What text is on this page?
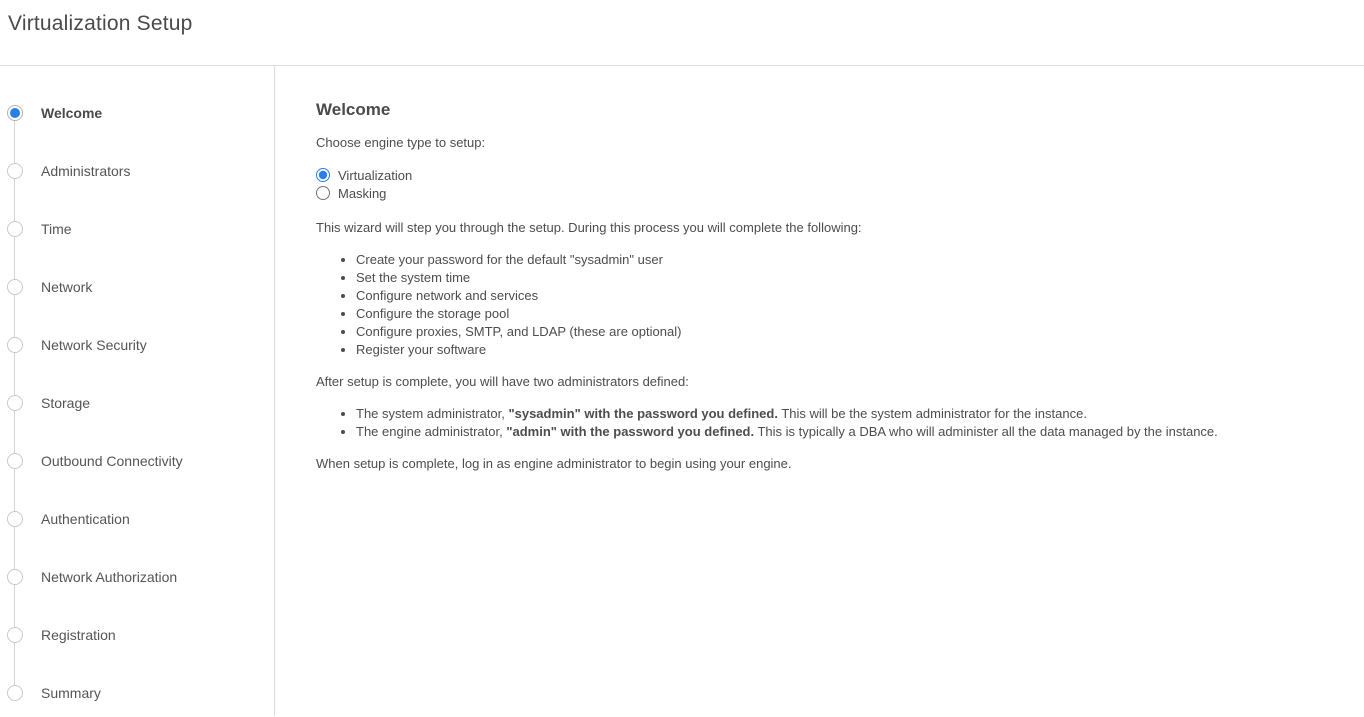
Virtualization Setup
Welcome
Administrators
Time
Network
Network Security
Storage
Outbound Connectivity
Authentication
Network Authorization
Registration
Summary
Welcome

Choose engine type to setup:

Virtualization
Masking

This wizard will step you through the setup. During this process you will complete the following:

• Create your password for the default "sysadmin" user
• Set the system time
• Configure network and services
• Configure the storage pool
• Configure proxies, SMTP, and LDAP (these are optional)
• Register your software

After setup is complete, you will have two administrators defined:

• The system administrator, "sysadmin" with the password you defined. This will be the system administrator for the instance.
• The engine administrator, "admin" with the password you defined. This is typically a DBA who will administer all the data managed by the instance.

When setup is complete, log in as engine administrator to begin using your engine.
